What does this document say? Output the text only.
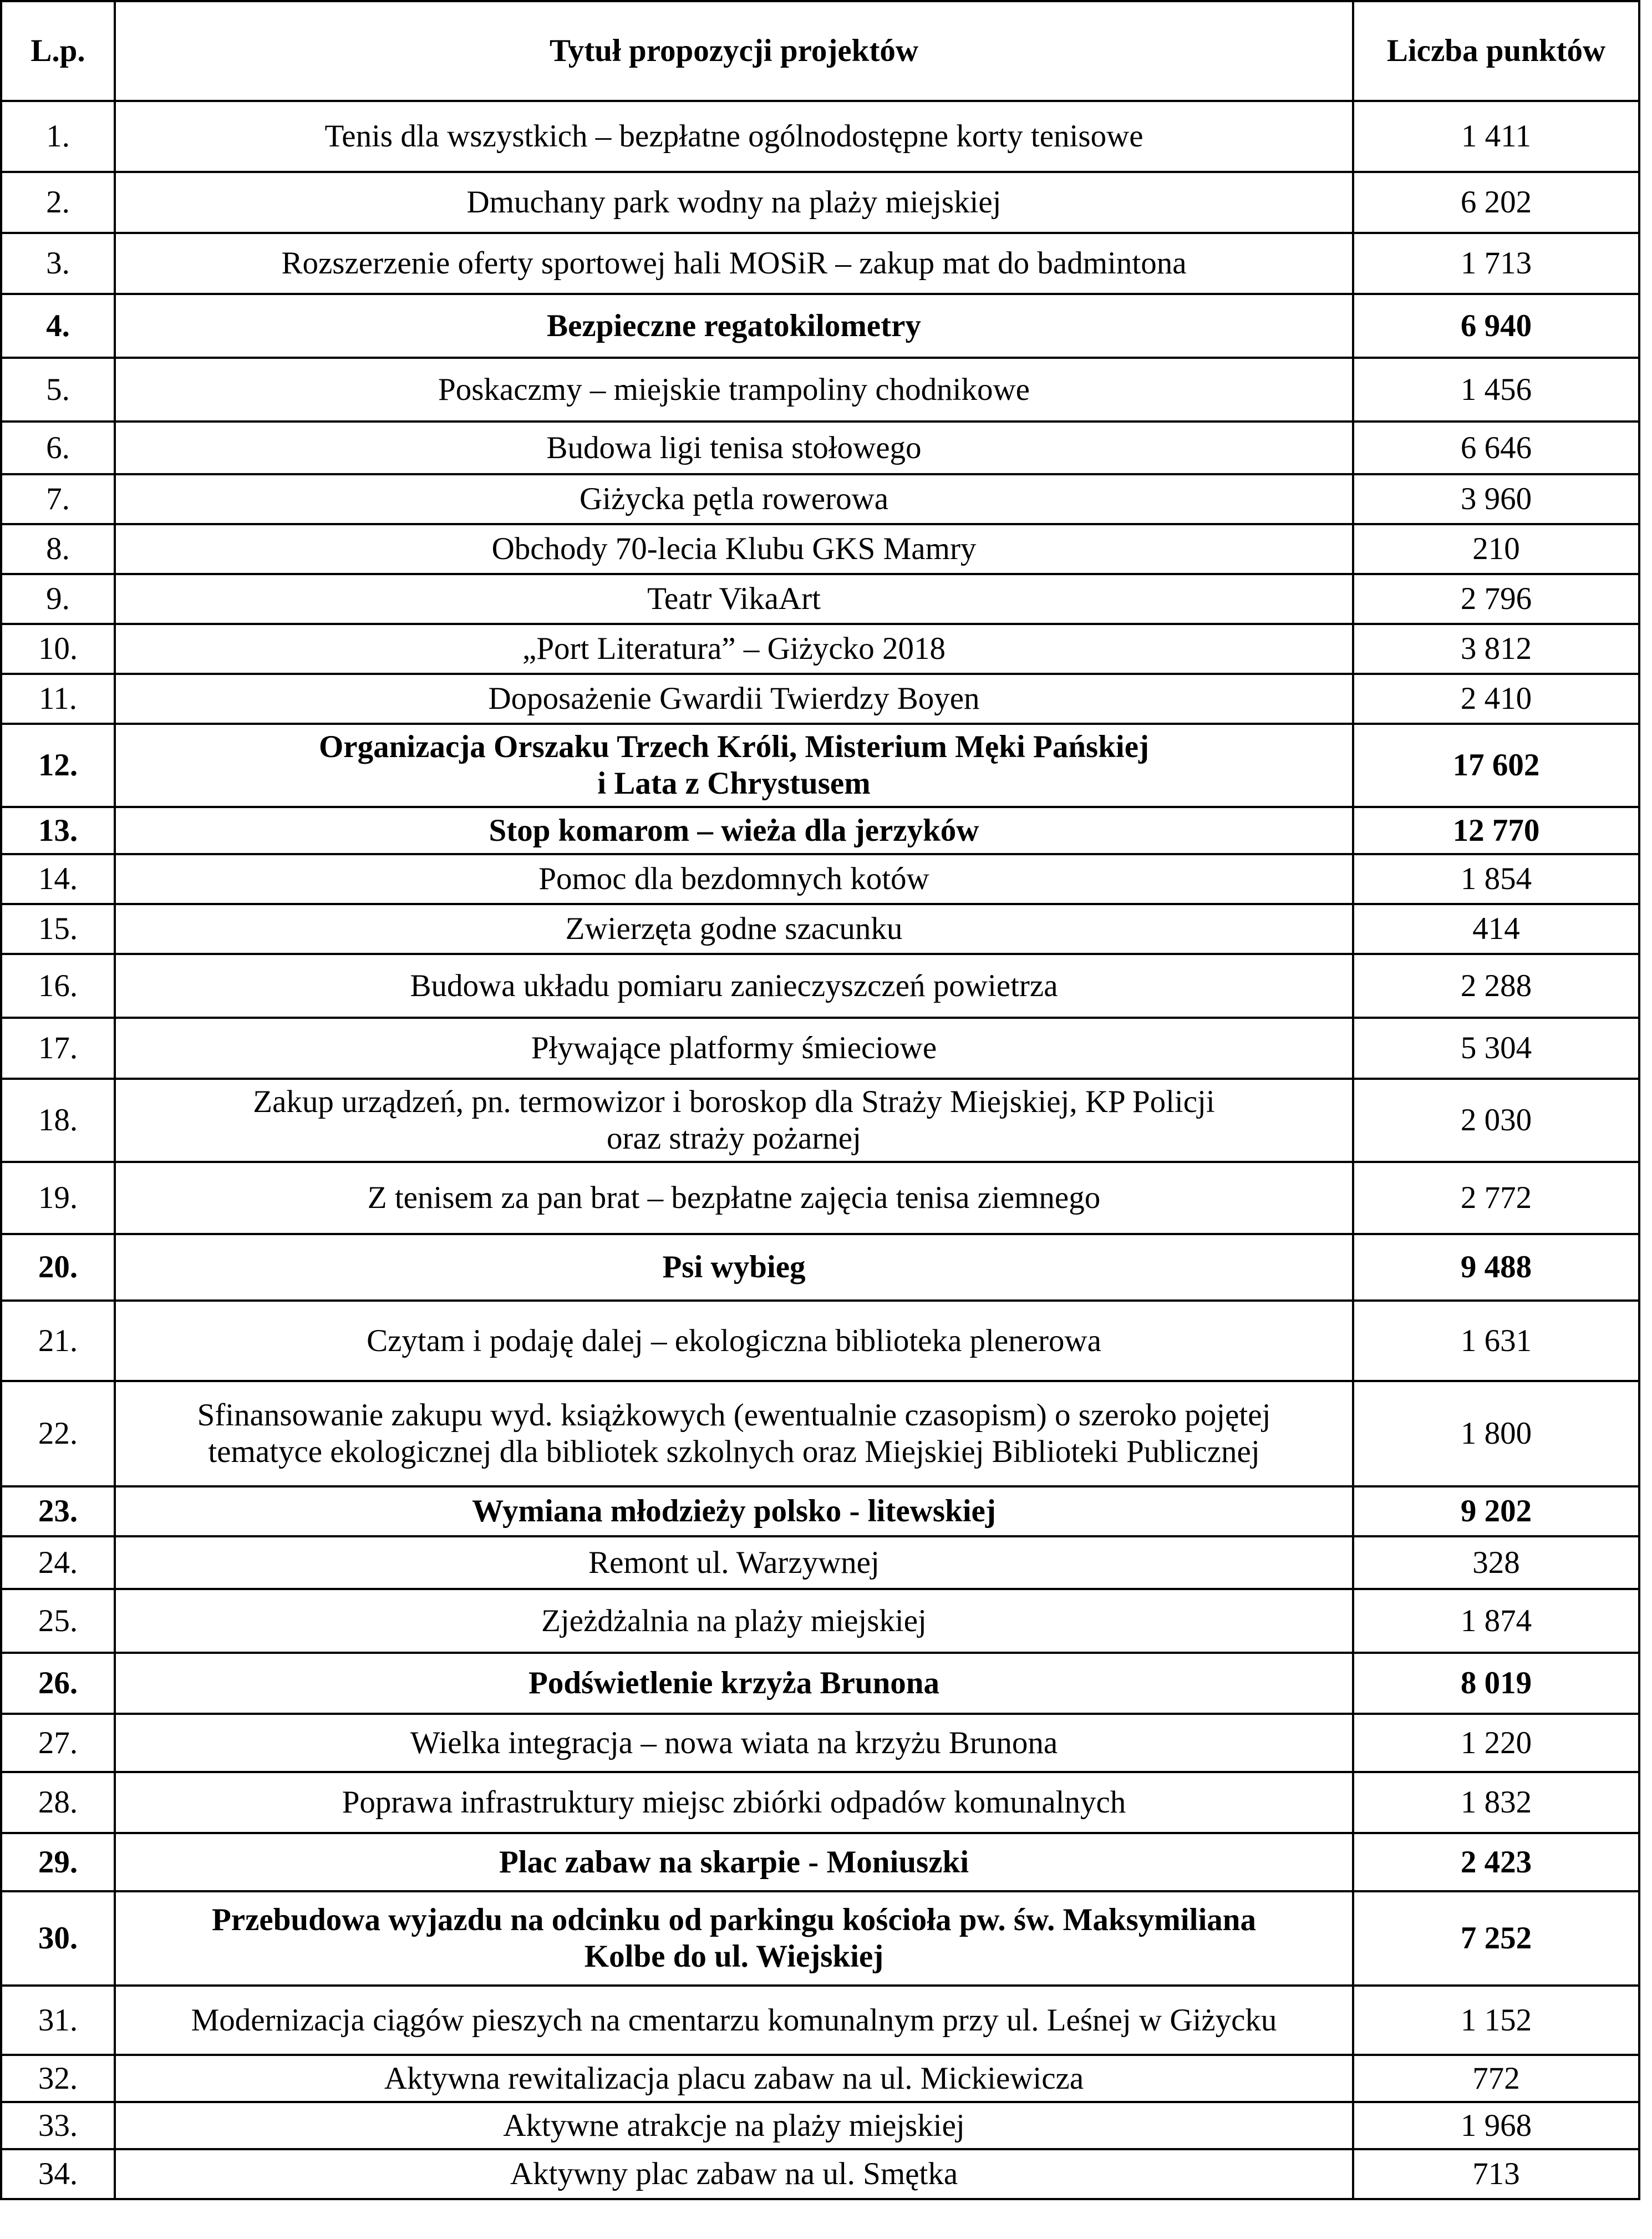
L.p.	Tytuł propozycji projektów	Liczba punktów
1.	Tenis dla wszystkich – bezpłatne ogólnodostępne korty tenisowe	1 411
2.	Dmuchany park wodny na plaży miejskiej	6 202
3.	Rozszerzenie oferty sportowej hali MOSiR – zakup mat do badmintona	1 713
4.	Bezpieczne regatokilometry	6 940
5.	Poskaczmy – miejskie trampoliny chodnikowe	1 456
6.	Budowa ligi tenisa stołowego	6 646
7.	Giżycka pętla rowerowa	3 960
8.	Obchody 70-lecia Klubu GKS Mamry	210
9.	Teatr VikaArt	2 796
10.	„Port Literatura” – Giżycko 2018	3 812
11.	Doposażenie Gwardii Twierdzy Boyen	2 410
12.	Organizacja Orszaku Trzech Króli, Misterium Męki Pańskiej
i Lata z Chrystusem	17 602
13.	Stop komarom – wieża dla jerzyków	12 770
14.	Pomoc dla bezdomnych kotów	1 854
15.	Zwierzęta godne szacunku	414
16.	Budowa układu pomiaru zanieczyszczeń powietrza	2 288
17.	Pływające platformy śmieciowe	5 304
18.	Zakup urządzeń, pn. termowizor i boroskop dla Straży Miejskiej, KP Policji
oraz straży pożarnej	2 030
19.	Z tenisem za pan brat – bezpłatne zajęcia tenisa ziemnego	2 772
20.	Psi wybieg	9 488
21.	Czytam i podaję dalej – ekologiczna biblioteka plenerowa	1 631
22.	Sfinansowanie zakupu wyd. książkowych (ewentualnie czasopism) o szeroko pojętej
tematyce ekologicznej dla bibliotek szkolnych oraz Miejskiej Biblioteki Publicznej	1 800
23.	Wymiana młodzieży polsko - litewskiej	9 202
24.	Remont ul. Warzywnej	328
25.	Zjeżdżalnia na plaży miejskiej	1 874
26.	Podświetlenie krzyża Brunona	8 019
27.	Wielka integracja – nowa wiata na krzyżu Brunona	1 220
28.	Poprawa infrastruktury miejsc zbiórki odpadów komunalnych	1 832
29.	Plac zabaw na skarpie - Moniuszki	2 423
30.	Przebudowa wyjazdu na odcinku od parkingu kościoła pw. św. Maksymiliana
Kolbe do ul. Wiejskiej	7 252
31.	Modernizacja ciągów pieszych na cmentarzu komunalnym przy ul. Leśnej w Giżycku	1 152
32.	Aktywna rewitalizacja placu zabaw na ul. Mickiewicza	772
33.	Aktywne atrakcje na plaży miejskiej	1 968
34.	Aktywny plac zabaw na ul. Smętka	713
